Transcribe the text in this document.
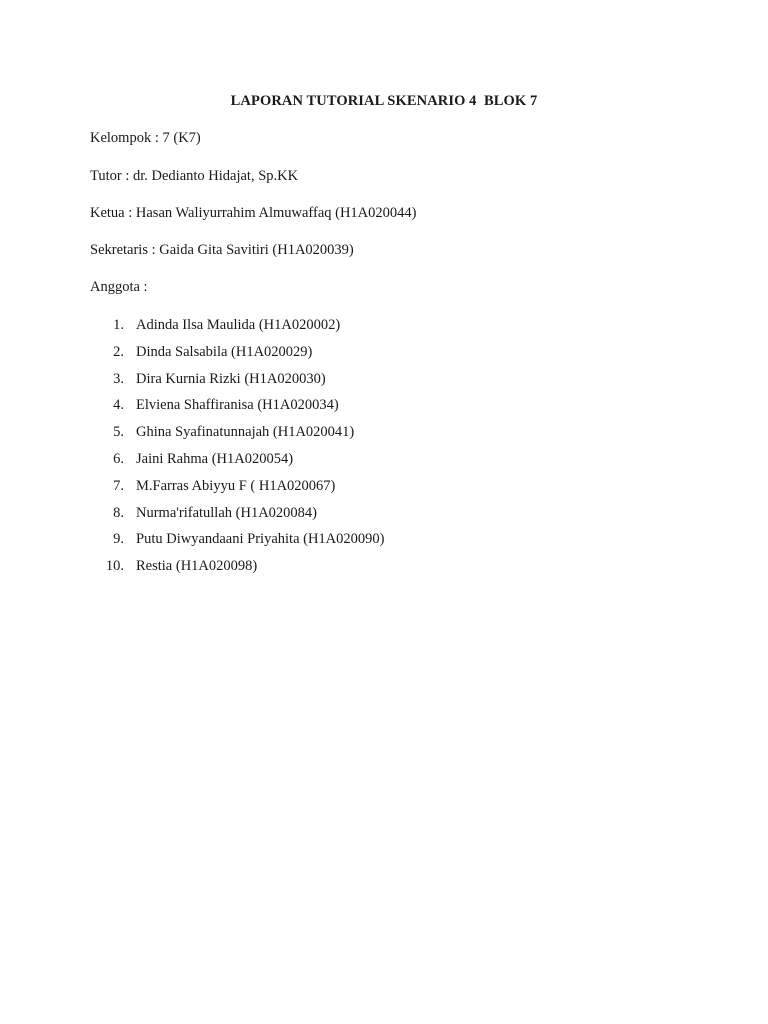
LAPORAN TUTORIAL SKENARIO 4  BLOK 7
Kelompok : 7 (K7)
Tutor : dr. Dedianto Hidajat, Sp.KK
Ketua : Hasan Waliyurrahim Almuwaffaq (H1A020044)
Sekretaris : Gaida Gita Savitiri (H1A020039)
Anggota :
1. Adinda Ilsa Maulida (H1A020002)
2. Dinda Salsabila (H1A020029)
3. Dira Kurnia Rizki (H1A020030)
4. Elviena Shaffiranisa (H1A020034)
5. Ghina Syafinatunnajah (H1A020041)
6. Jaini Rahma (H1A020054)
7. M.Farras Abiyyu F ( H1A020067)
8. Nurma'rifatullah (H1A020084)
9. Putu Diwyandaani Priyahita (H1A020090)
10. Restia (H1A020098)
